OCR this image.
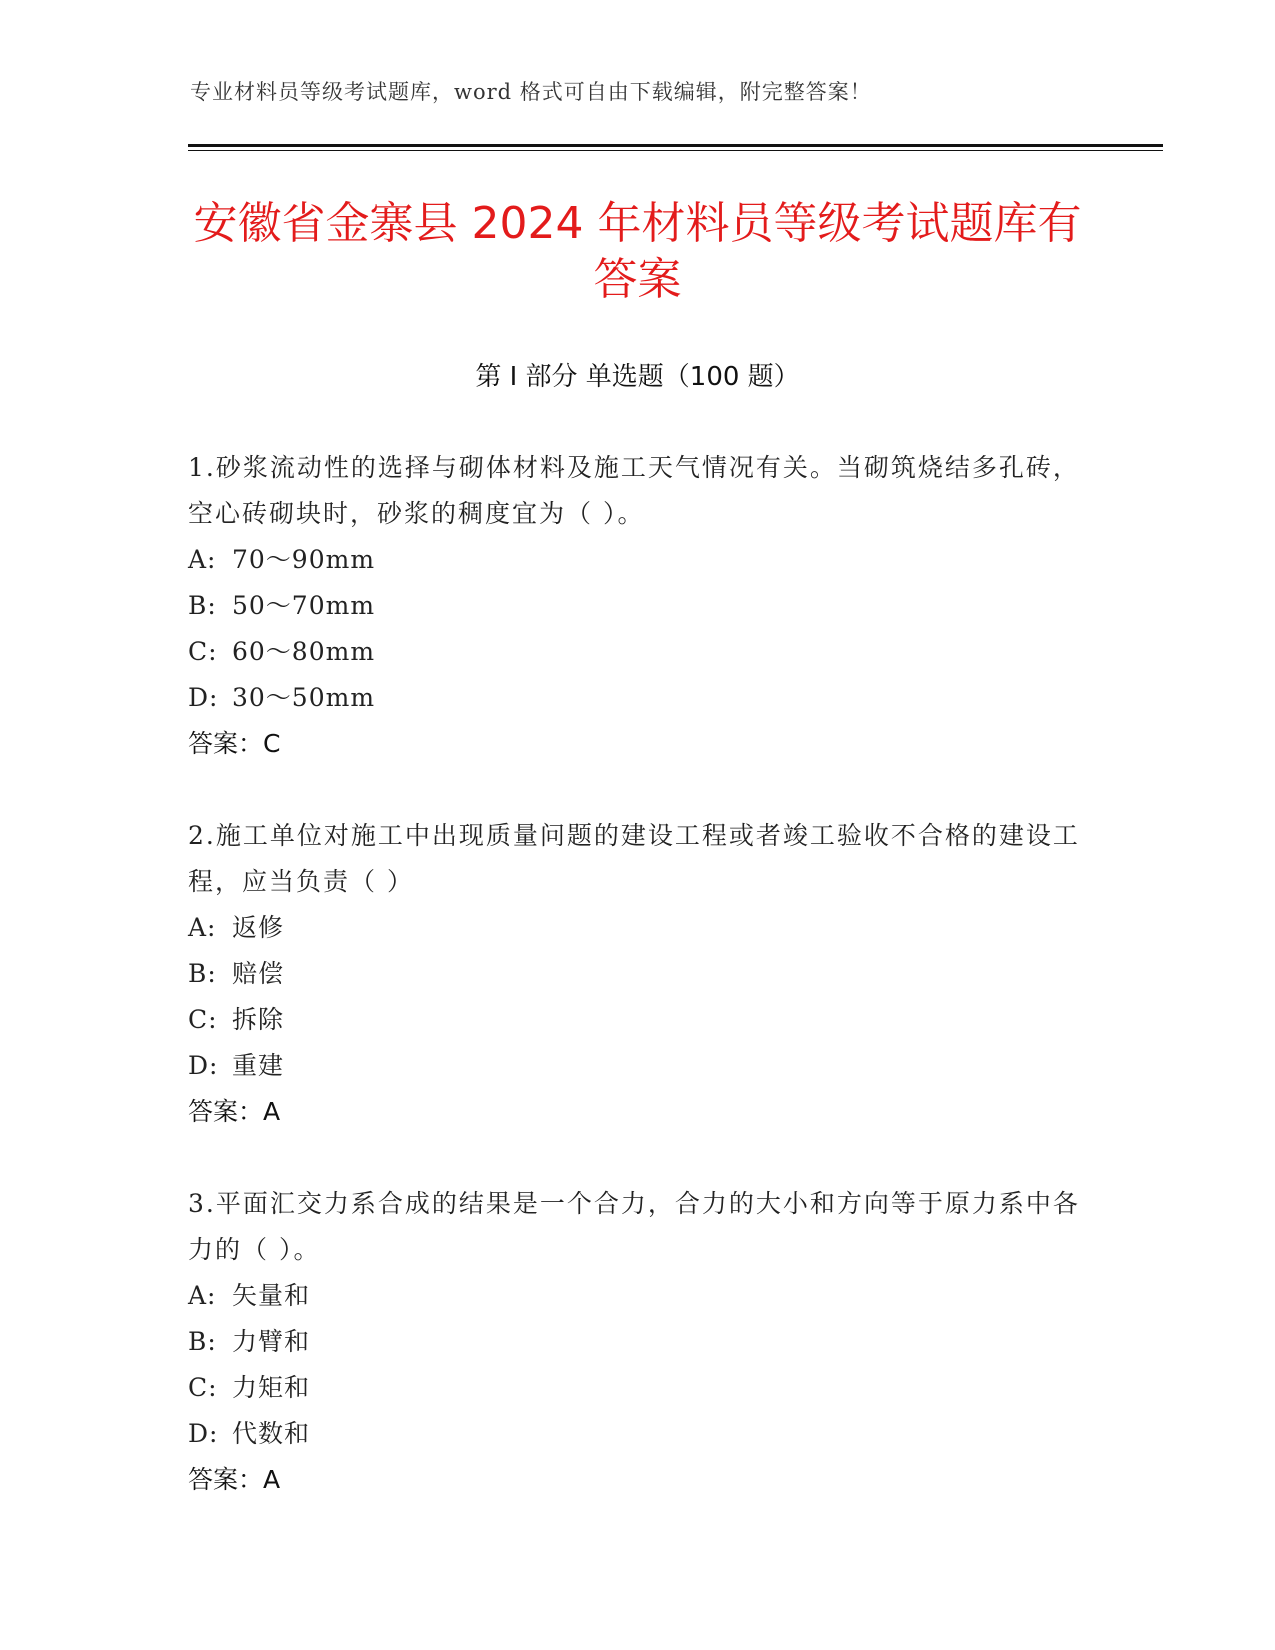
专业材料员等级考试题库，word 格式可自由下载编辑，附完整答案！
安徽省金寨县 2024 年材料员等级考试题库有
答案
第 I 部分 单选题（100 题）

1.砂浆流动性的选择与砌体材料及施工天气情况有关。当砌筑烧结多孔砖，空心砖砌块时，砂浆的稠度宜为（ ）。

A: 70～90mm

B: 50～70mm

C: 60～80mm

D: 30～50mm

答案：C

2.施工单位对施工中出现质量问题的建设工程或者竣工验收不合格的建设工程，应当负责（ ）

A: 返修

B: 赔偿

C: 拆除

D: 重建

答案：A

3.平面汇交力系合成的结果是一个合力，合力的大小和方向等于原力系中各力的（ ）。

A: 矢量和

B: 力臂和

C: 力矩和

D: 代数和

答案：A
